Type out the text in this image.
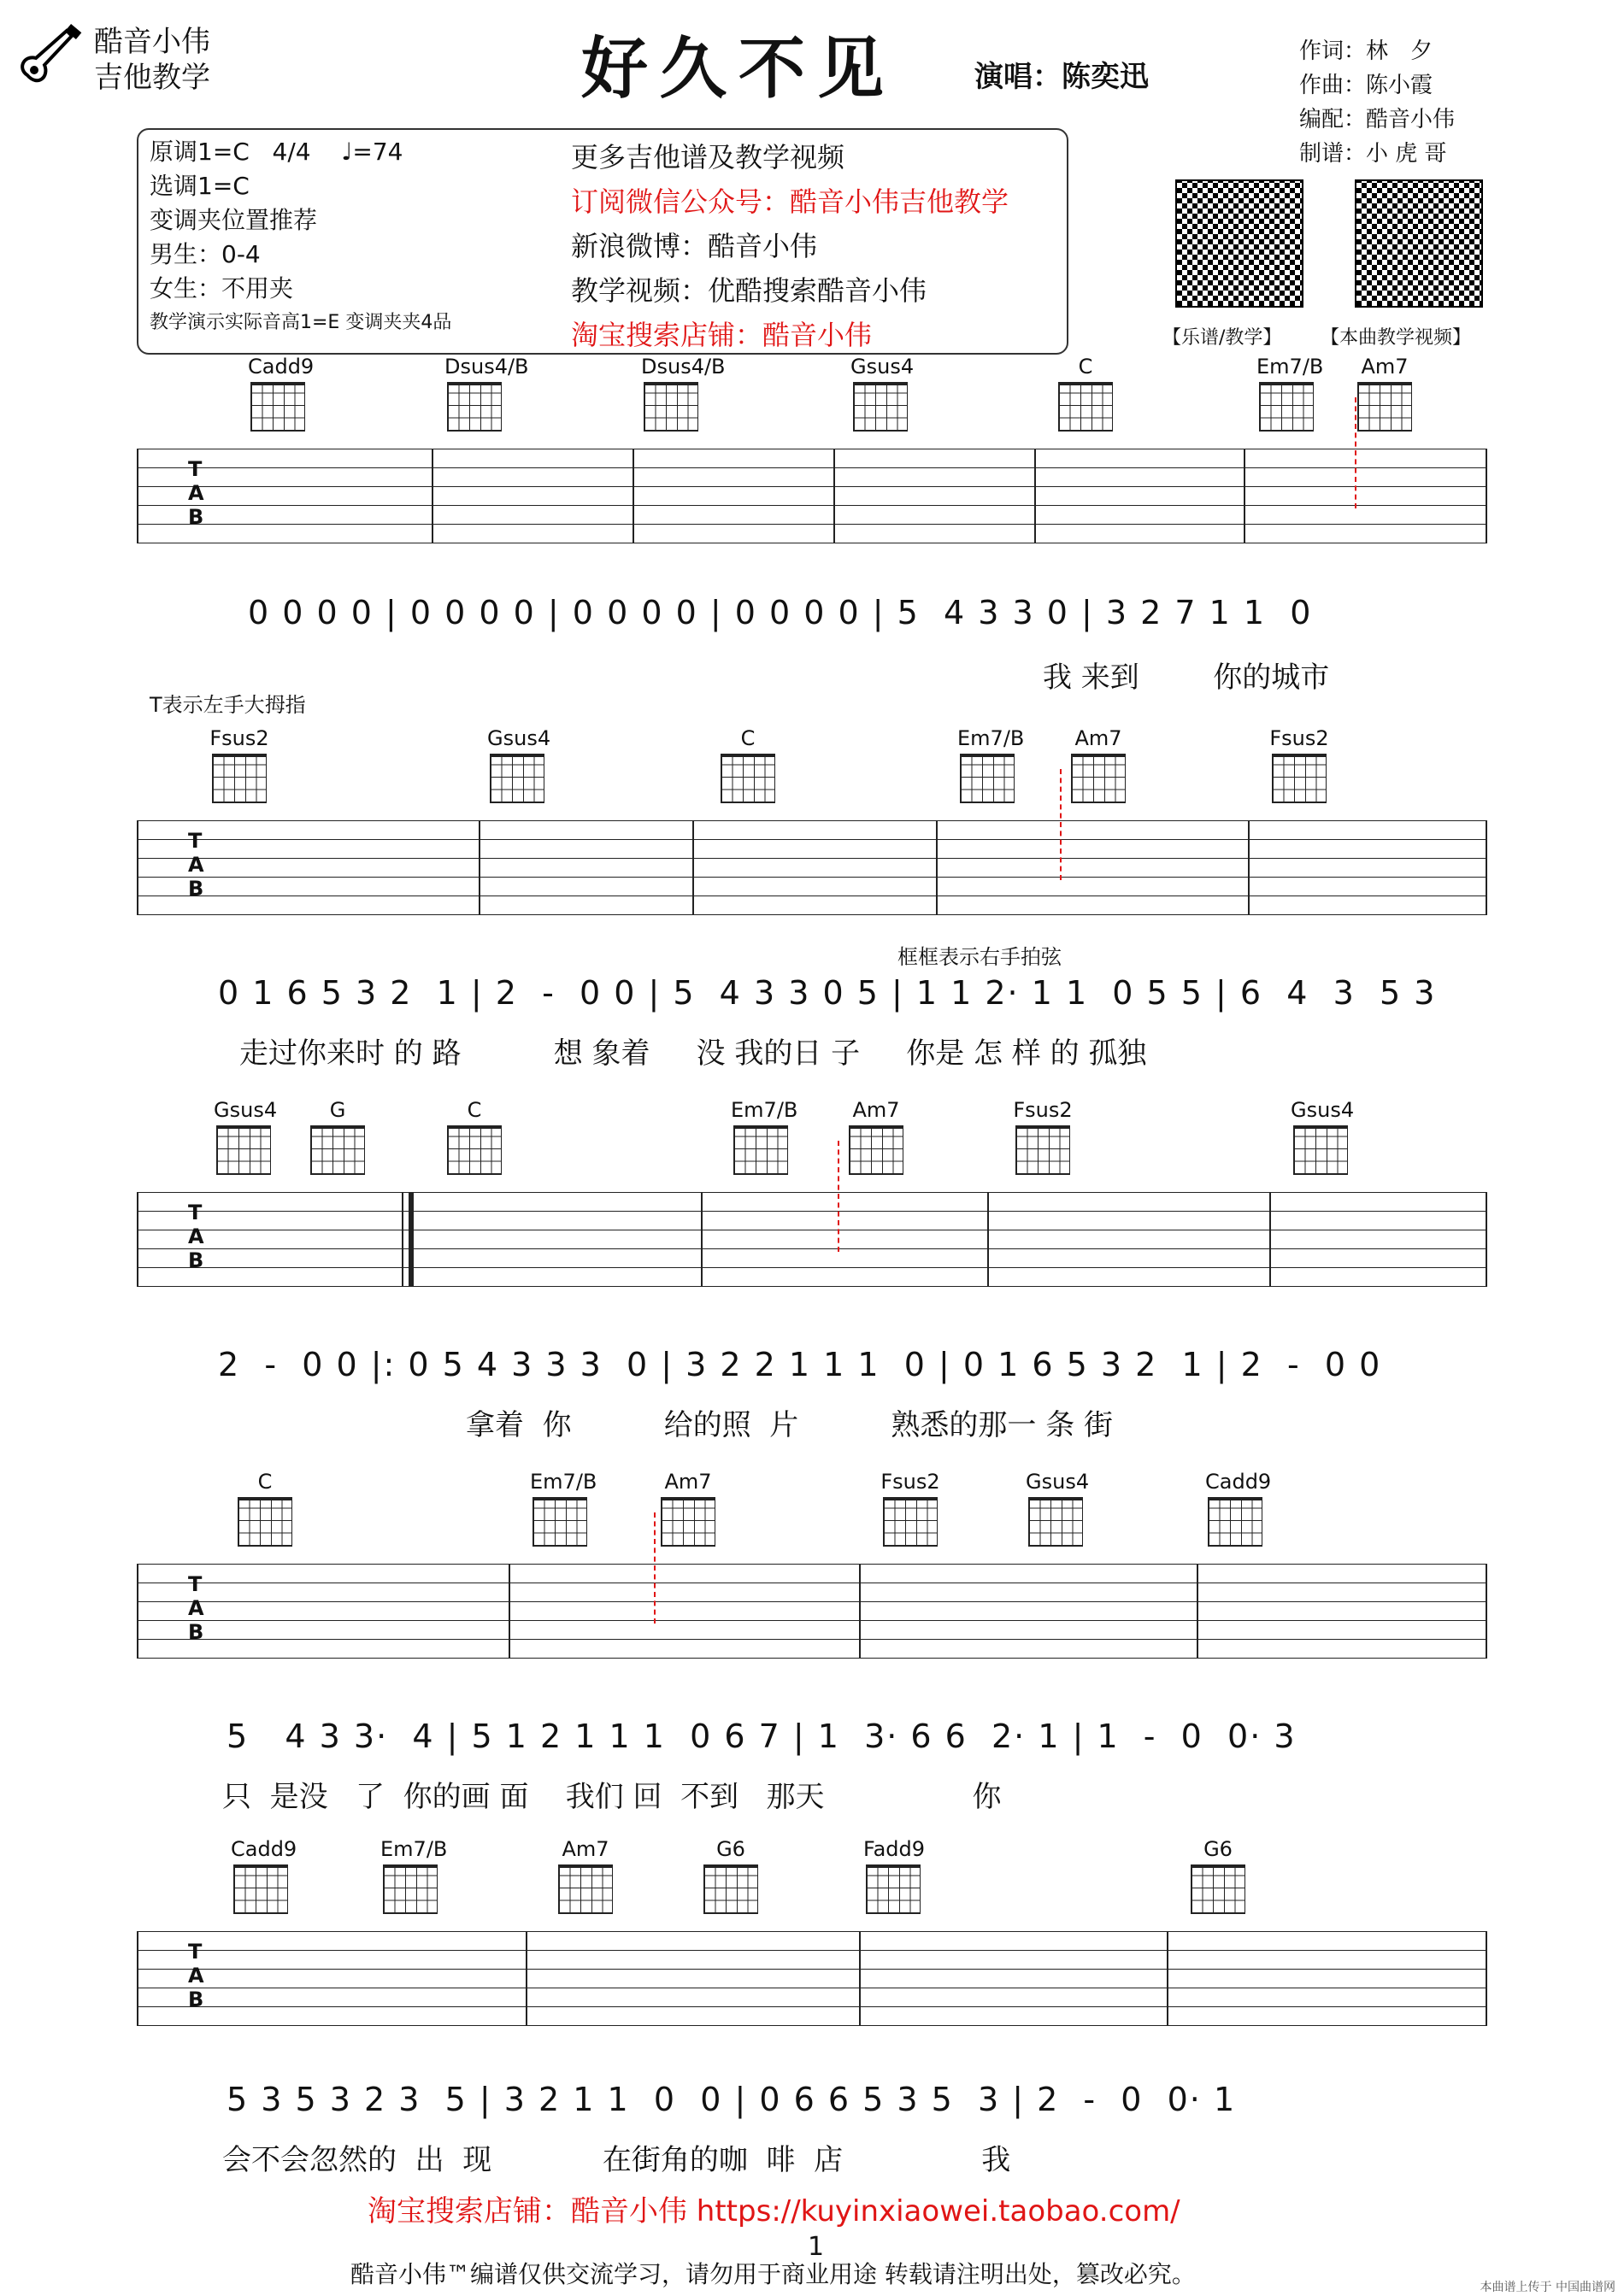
酷音小伟
吉他教学	好久不见	演唱：陈奕迅
作词：林　夕
作曲：陈小霞
编配：酷音小伟
制谱：小 虎 哥
原调1=C 4/4 ♩=74
选调1=C
变调夹位置推荐
男生：0-4
女生：不用夹
教学演示实际音高1=E 变调夹夹4品
更多吉他谱及教学视频
订阅微信公众号：酷音小伟吉他教学
新浪微博：酷音小伟
教学视频：优酷搜索酷音小伟
淘宝搜索店铺：酷音小伟	【乐谱/教学】 【本曲教学视频】
Cadd9	Dsus4/B	Dsus4/B	Gsus4	C	Em7/B	Am7
T
A
B
0 0 0 0 | 0 0 0 0 | 0 0 0 0 | 0 0 0 0 | 5  4 3 3 0 | 3 2 7 1 1  0
我 来到        你的城市
T表示左手大拇指
Fsus2	Gsus4	C	Em7/B	Am7	Fsus2
T
A
B
框框表示右手拍弦
0 1 6 5 3 2  1 | 2  -  0 0 | 5  4 3 3 0 5 | 1 1 2· 1 1  0 5 5 | 6  4  3  5 3
走过你来时 的 路          想 象着     没 我的日 子     你是 怎 样 的 孤独
Gsus4	G	C	Em7/B	Am7	Fsus2	Gsus4
T
A
B
2  -  0 0 |: 0 5 4 3 3 3  0 | 3 2 2 1 1 1  0 | 0 1 6 5 3 2  1 | 2  -  0 0
拿着  你          给的照  片          熟悉的那一 条 街
C	Em7/B	Am7	Fsus2	Gsus4	Cadd9
T
A
B
5   4 3 3·  4 | 5 1 2 1 1 1  0 6 7 | 1  3· 6 6  2· 1 | 1  -  0  0· 3
只  是没   了  你的画 面    我们 回  不到   那天                你
Cadd9	Em7/B	Am7	G6	Fadd9	G6
T
A
B
5 3 5 3 2 3  5 | 3 2 1 1  0  0 | 0 6 6 5 3 5  3 | 2  -  0  0· 1
会不会忽然的  出  现            在街角的咖  啡  店               我
淘宝搜索店铺：酷音小伟 https://kuyinxiaowei.taobao.com/
1
酷音小伟™编谱仅供交流学习，请勿用于商业用途 转载请注明出处，篡改必究。	本曲谱上传于 中国曲谱网
